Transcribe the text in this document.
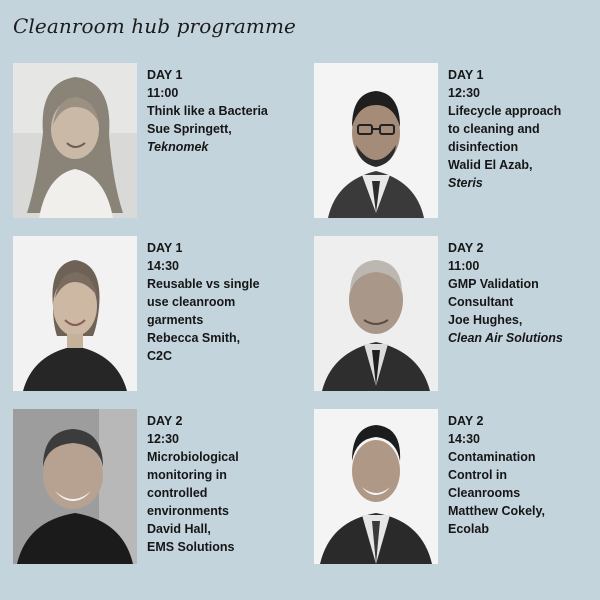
Cleanroom hub programme
DAY 1
11:00
Think like a Bacteria
Sue Springett,
Teknomek
DAY 1
12:30
Lifecycle approach
to cleaning and
disinfection
Walid El Azab,
Steris
DAY 1
14:30
Reusable vs single
use cleanroom
garments
Rebecca Smith,
C2C
DAY 2
11:00
GMP Validation
Consultant
Joe Hughes,
Clean Air Solutions
DAY 2
12:30
Microbiological
monitoring in
controlled
environments
David Hall,
EMS Solutions
DAY 2
14:30
Contamination
Control in
Cleanrooms
Matthew Cokely,
Ecolab
